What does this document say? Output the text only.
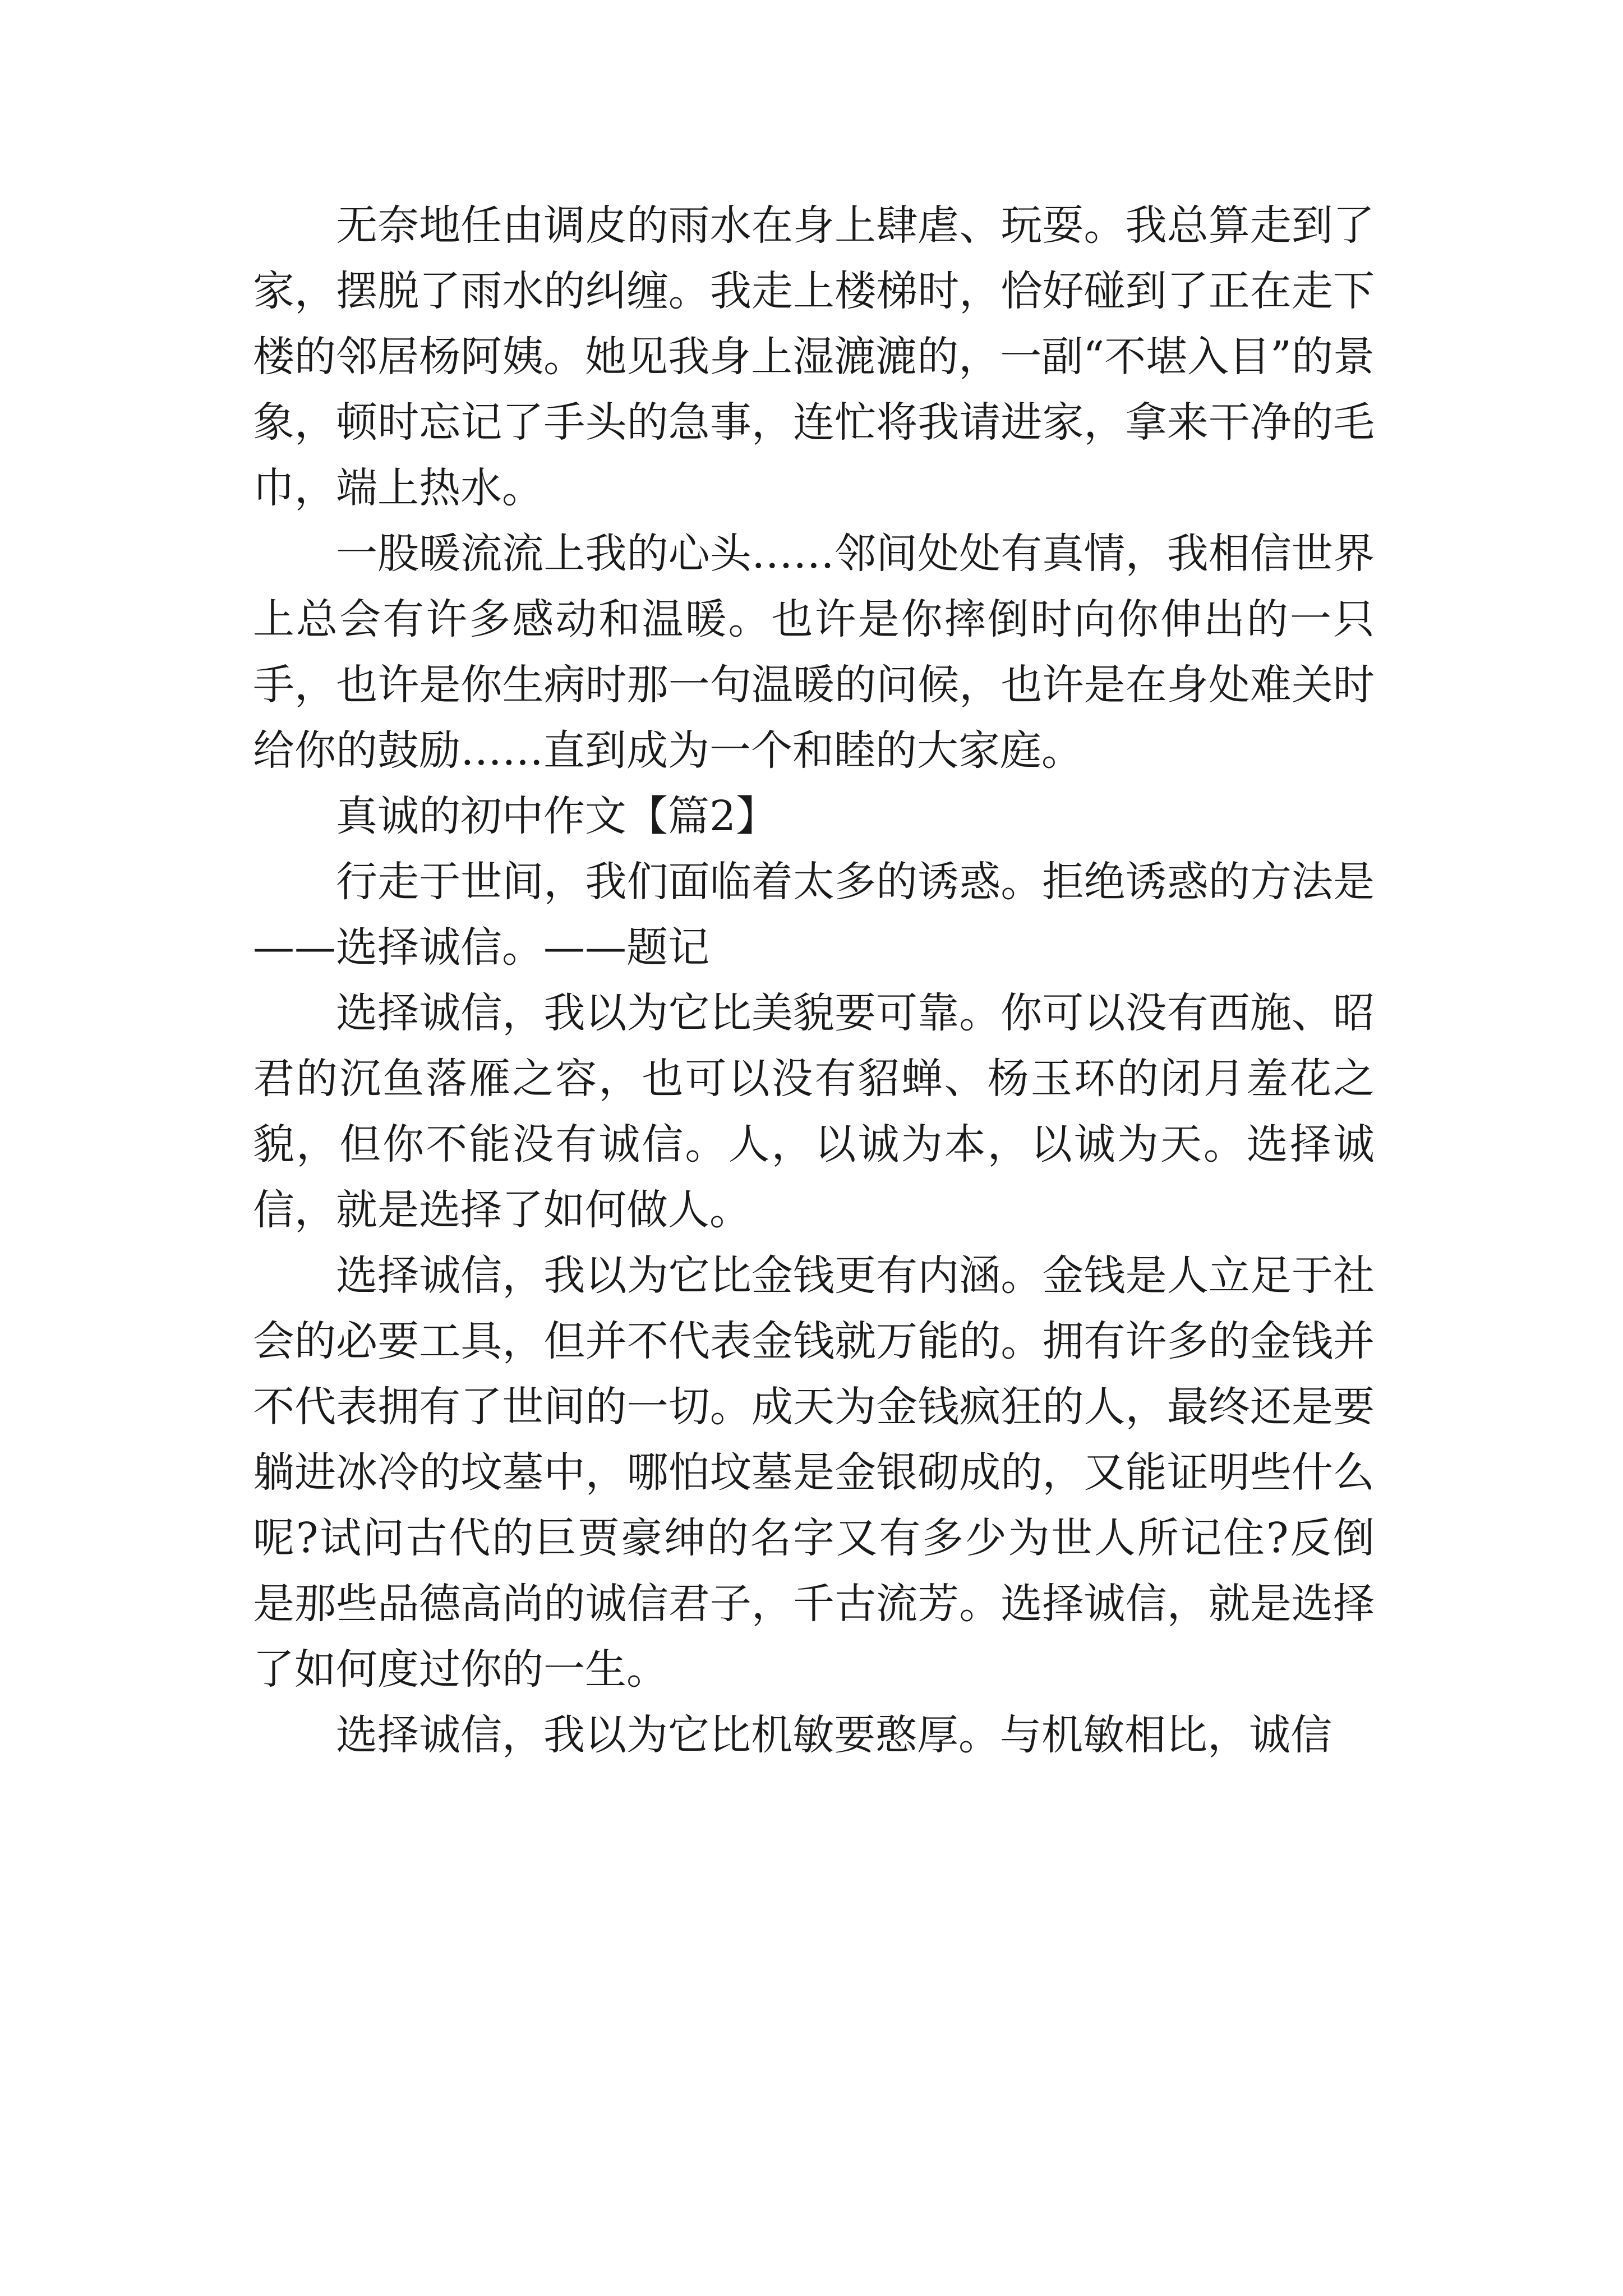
无奈地任由调皮的雨水在身上肆虐、玩耍。我总算走到了家，摆脱了雨水的纠缠。我走上楼梯时，恰好碰到了正在走下楼的邻居杨阿姨。她见我身上湿漉漉的，一副“不堪入目”的景象，顿时忘记了手头的急事，连忙将我请进家，拿来干净的毛巾，端上热水。

一股暖流流上我的心头……邻间处处有真情，我相信世界上总会有许多感动和温暖。也许是你摔倒时向你伸出的一只手，也许是你生病时那一句温暖的问候，也许是在身处难关时给你的鼓励……直到成为一个和睦的大家庭。

真诚的初中作文【篇2】

行走于世间，我们面临着太多的诱惑。拒绝诱惑的方法是——选择诚信。——题记

选择诚信，我以为它比美貌要可靠。你可以没有西施、昭君的沉鱼落雁之容，也可以没有貂蝉、杨玉环的闭月羞花之貌，但你不能没有诚信。人，以诚为本，以诚为天。选择诚信，就是选择了如何做人。

选择诚信，我以为它比金钱更有内涵。金钱是人立足于社会的必要工具，但并不代表金钱就万能的。拥有许多的金钱并不代表拥有了世间的一切。成天为金钱疯狂的人，最终还是要躺进冰冷的坟墓中，哪怕坟墓是金银砌成的，又能证明些什么呢?试问古代的巨贾豪绅的名字又有多少为世人所记住?反倒是那些品德高尚的诚信君子，千古流芳。选择诚信，就是选择了如何度过你的一生。

选择诚信，我以为它比机敏要憨厚。与机敏相比，诚信
